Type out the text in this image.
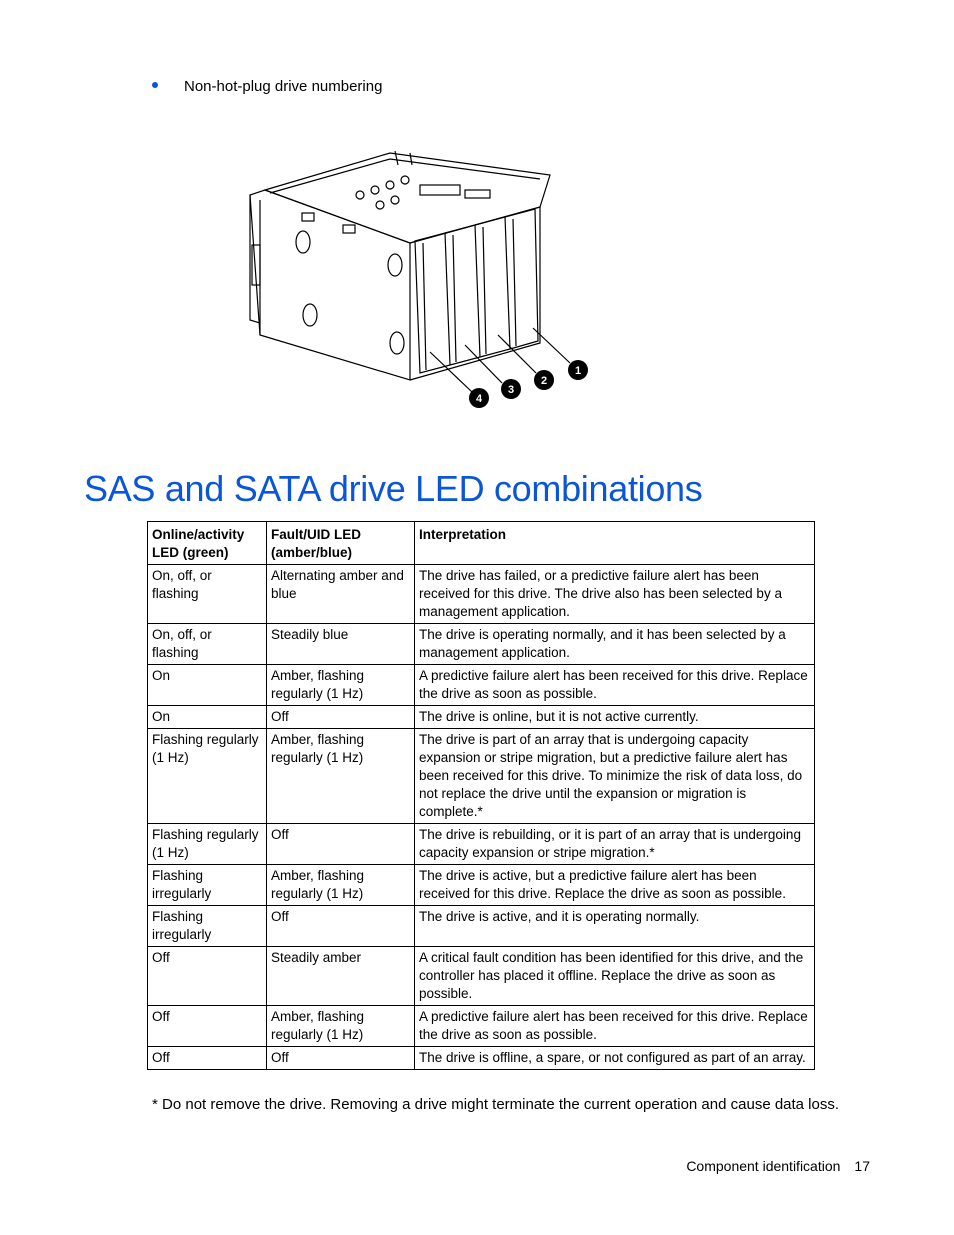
Non-hot-plug drive numbering
1
2
3
4
SAS and SATA drive LED combinations
Online/activity LED (green)	Fault/UID LED (amber/blue)	Interpretation
On, off, or flashing	Alternating amber and blue	The drive has failed, or a predictive failure alert has been received for this drive. The drive also has been selected by a management application.
On, off, or flashing	Steadily blue	The drive is operating normally, and it has been selected by a management application.
On	Amber, flashing regularly (1 Hz)	A predictive failure alert has been received for this drive. Replace the drive as soon as possible.
On	Off	The drive is online, but it is not active currently.
Flashing regularly (1 Hz)	Amber, flashing regularly (1 Hz)	The drive is part of an array that is undergoing capacity expansion or stripe migration, but a predictive failure alert has been received for this drive. To minimize the risk of data loss, do not replace the drive until the expansion or migration is complete.*
Flashing regularly (1 Hz)	Off	The drive is rebuilding, or it is part of an array that is undergoing capacity expansion or stripe migration.*
Flashing irregularly	Amber, flashing regularly (1 Hz)	The drive is active, but a predictive failure alert has been received for this drive. Replace the drive as soon as possible.
Flashing irregularly	Off	The drive is active, and it is operating normally.
Off	Steadily amber	A critical fault condition has been identified for this drive, and the controller has placed it offline. Replace the drive as soon as possible.
Off	Amber, flashing regularly (1 Hz)	A predictive failure alert has been received for this drive. Replace the drive as soon as possible.
Off	Off	The drive is offline, a spare, or not configured as part of an array.
* Do not remove the drive. Removing a drive might terminate the current operation and cause data loss.
Component identification 17
